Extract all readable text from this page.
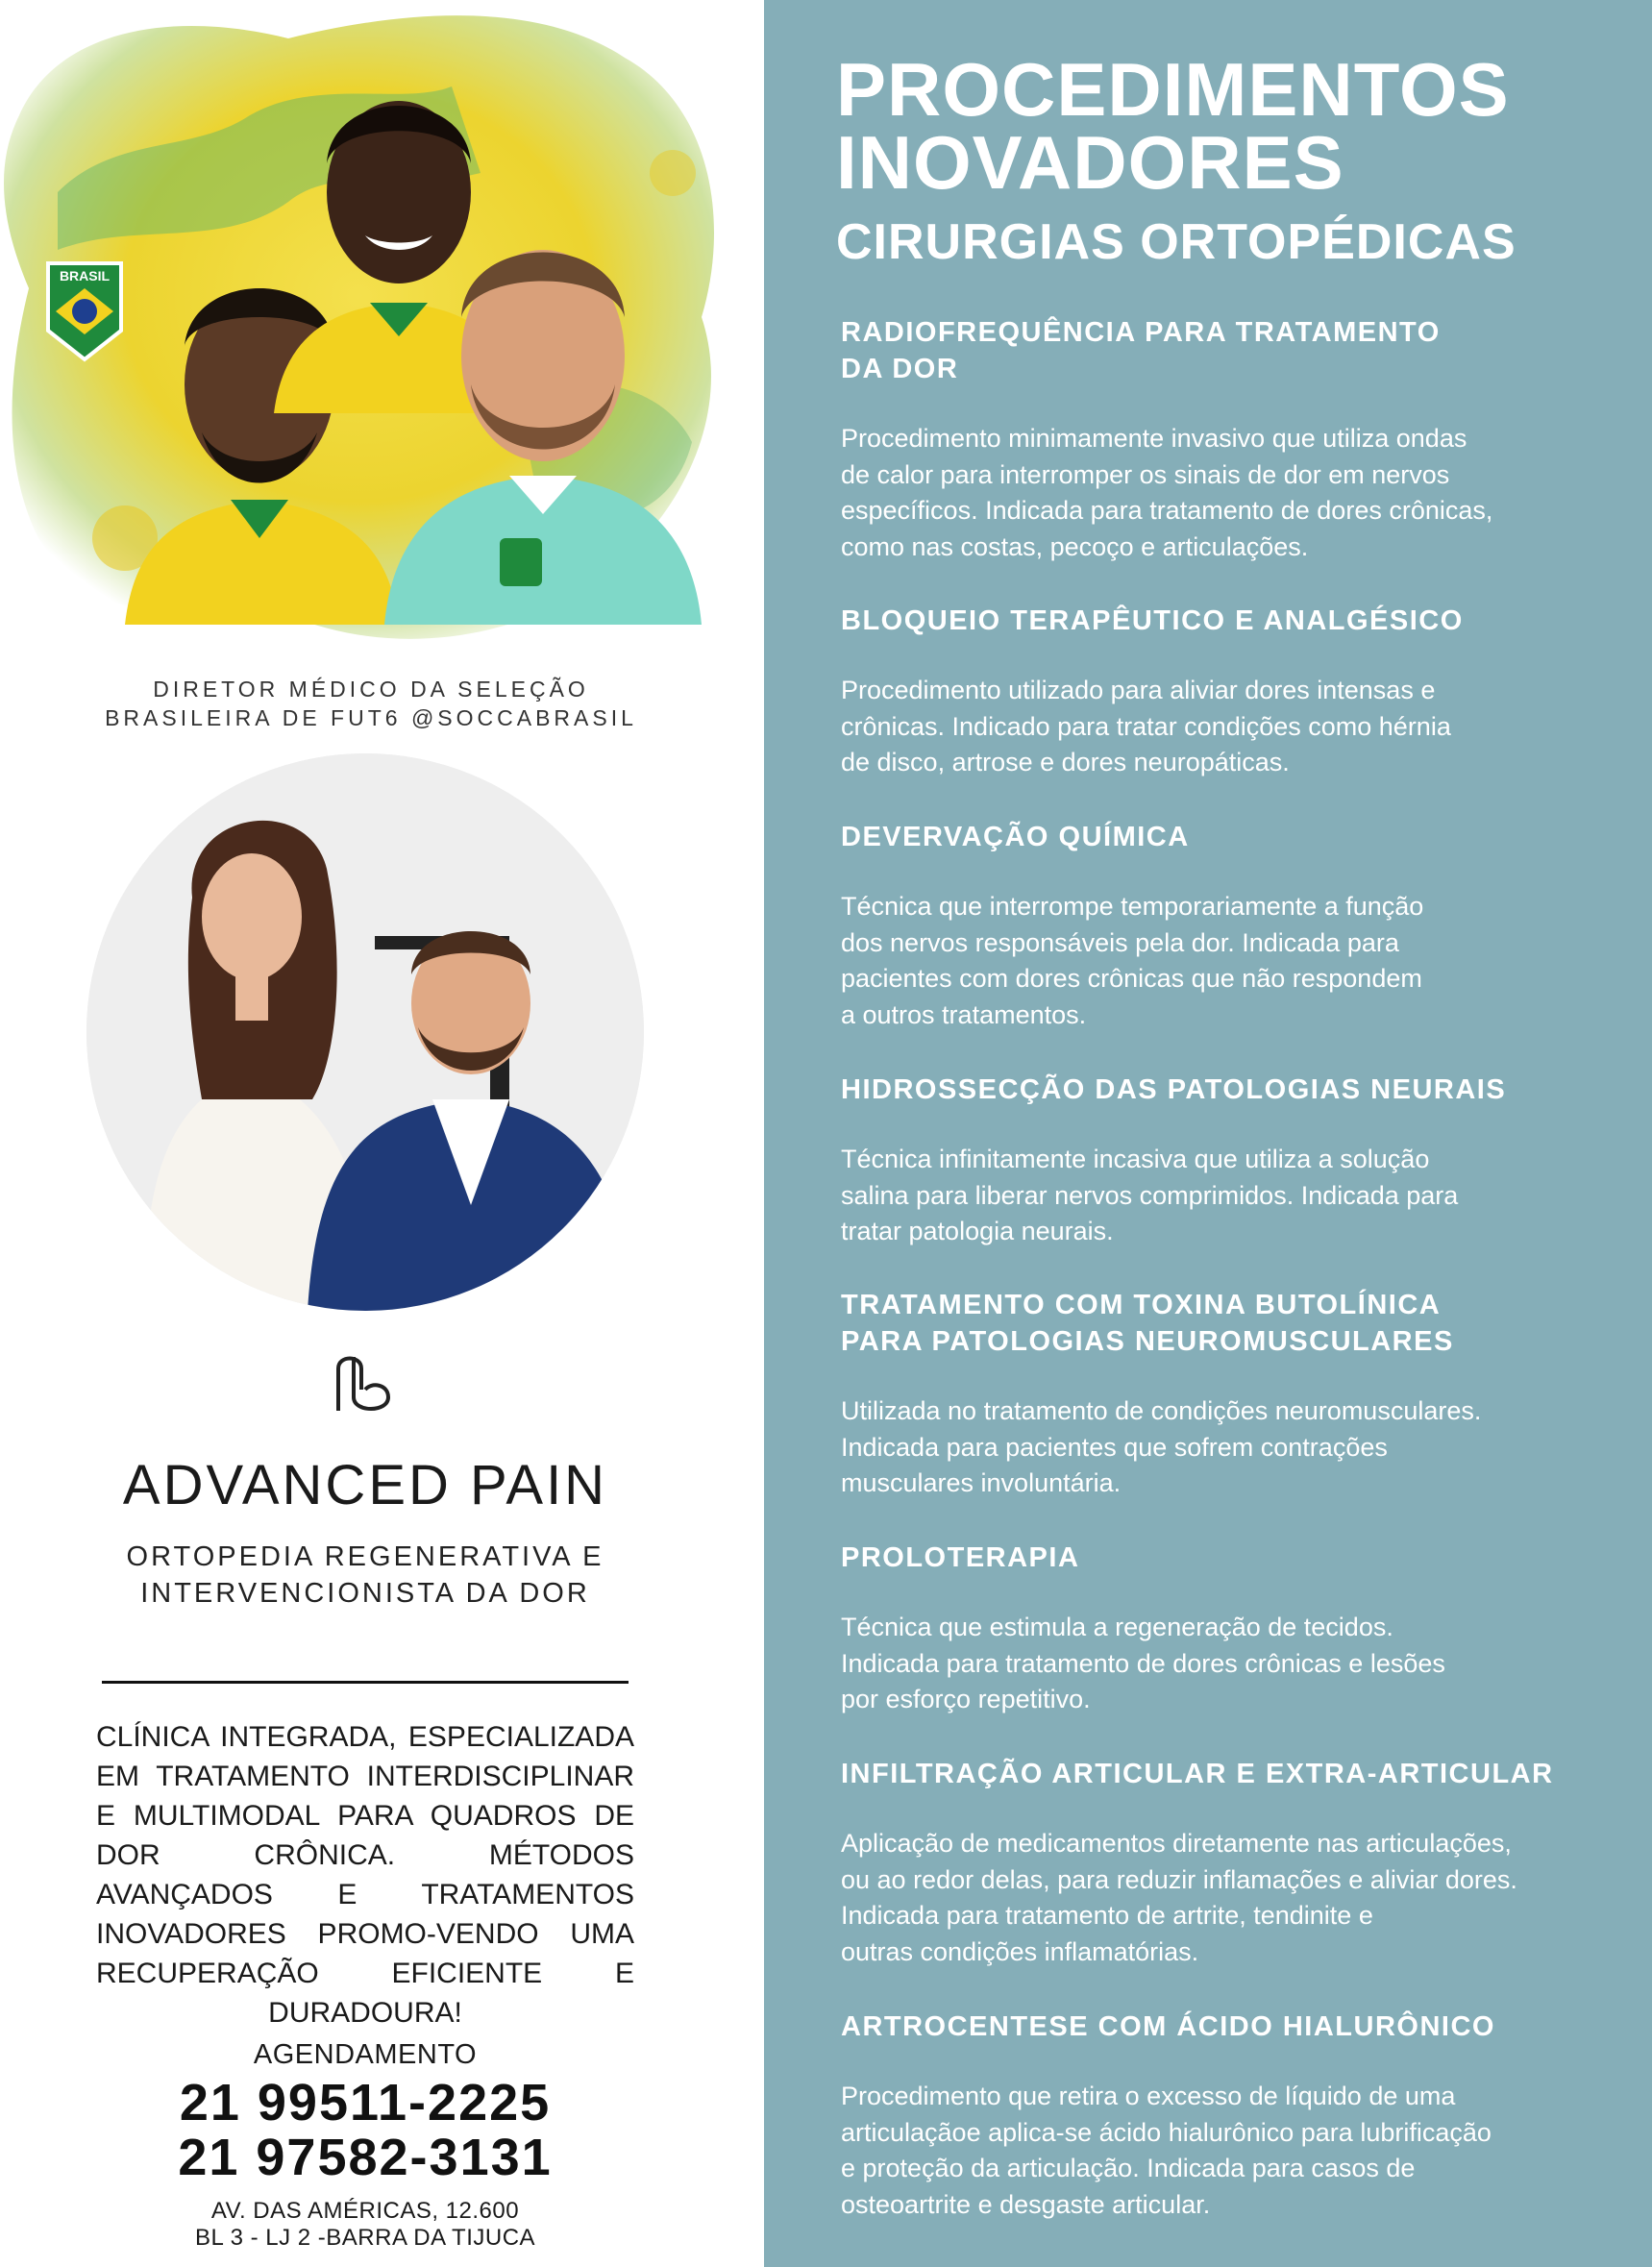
BRASIL
DIRETOR MÉDICO DA SELEÇÃO
BRASILEIRA DE FUT6 @SOCCABRASIL
ADVANCED PAIN
ORTOPEDIA REGENERATIVA E
INTERVENCIONISTA DA DOR
CLÍNICA INTEGRADA, ESPECIALIZADA EM TRATAMENTO INTERDISCIPLINAR E MULTIMODAL PARA QUADROS DE DOR CRÔNICA. MÉTODOS AVANÇADOS E TRATAMENTOS INOVADORES PROMO-VENDO UMA RECUPERAÇÃO EFICIENTE E DURADOURA!
AGENDAMENTO
21 99511-2225
21 97582-3131
AV. DAS AMÉRICAS, 12.600
BL 3 - LJ 2 -BARRA DA TIJUCA
PROCEDIMENTOS
INOVADORES
CIRURGIAS ORTOPÉDICAS
RADIOFREQUÊNCIA PARA TRATAMENTO
DA DOR

Procedimento minimamente invasivo que utiliza ondas
de calor para interromper os sinais de dor em nervos
específicos. Indicada para tratamento de dores crônicas,
como nas costas, pecoço e articulações.

BLOQUEIO TERAPÊUTICO E ANALGÉSICO

Procedimento utilizado para aliviar dores intensas e
crônicas. Indicado para tratar condições como hérnia
de disco, artrose e dores neuropáticas.

DEVERVAÇÃO QUÍMICA

Técnica que interrompe temporariamente a função
dos nervos responsáveis pela dor. Indicada para
pacientes com dores crônicas que não respondem
a outros tratamentos.

HIDROSSECÇÃO DAS PATOLOGIAS NEURAIS

Técnica infinitamente incasiva que utiliza a solução
salina para liberar nervos comprimidos. Indicada para
tratar patologia neurais.

TRATAMENTO COM TOXINA BUTOLÍNICA
PARA PATOLOGIAS NEUROMUSCULARES

Utilizada no tratamento de condições neuromusculares.
Indicada para pacientes que sofrem contrações
musculares involuntária.

PROLOTERAPIA

Técnica que estimula a regeneração de tecidos.
Indicada para tratamento de dores crônicas e lesões
por esforço repetitivo.

INFILTRAÇÃO ARTICULAR E EXTRA-ARTICULAR

Aplicação de medicamentos diretamente nas articulações,
ou ao redor delas, para reduzir inflamações e aliviar dores.
Indicada para tratamento de artrite, tendinite e
outras condições inflamatórias.

ARTROCENTESE COM ÁCIDO HIALURÔNICO

Procedimento que retira o excesso de líquido de uma
articulaçãoe aplica-se ácido hialurônico para lubrificação
e proteção da articulação. Indicada para casos de
osteoartrite e desgaste articular.
